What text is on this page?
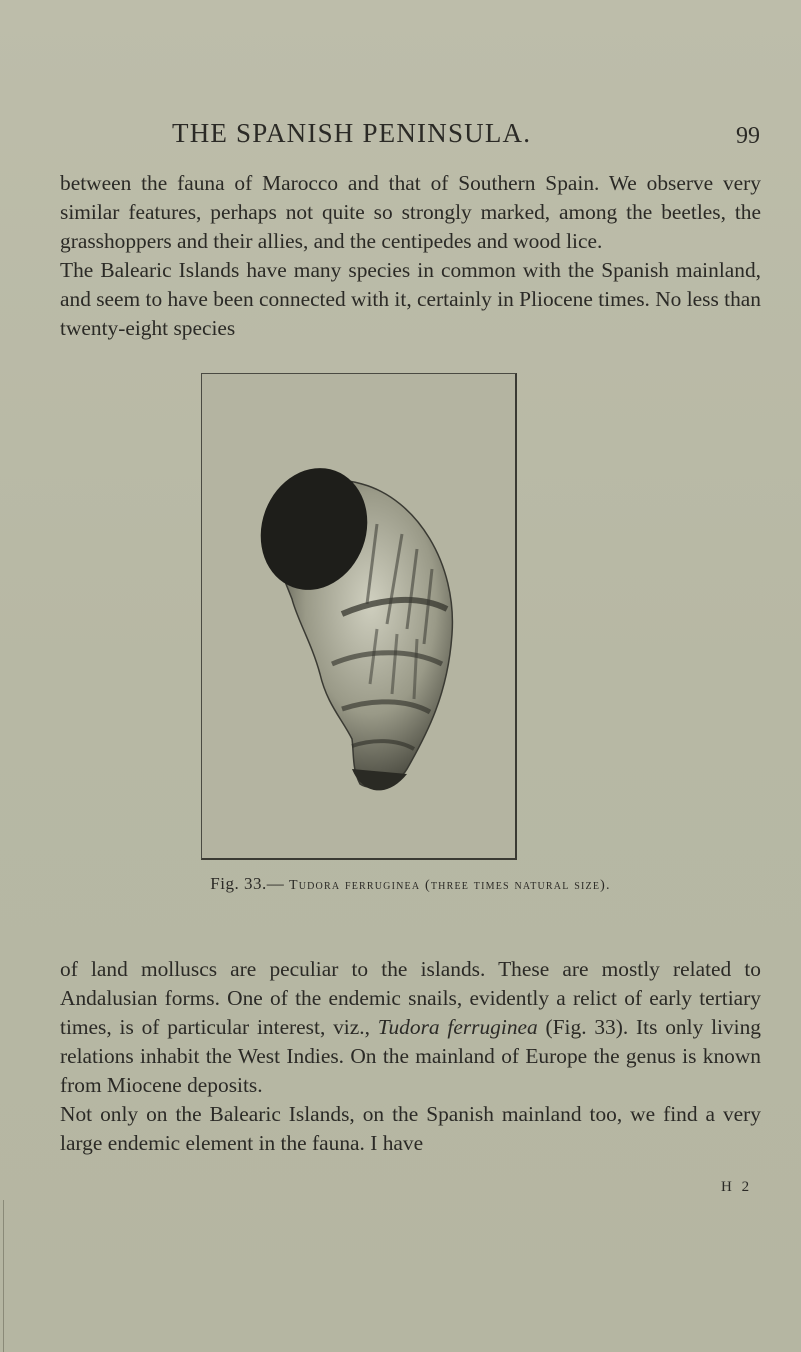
THE SPANISH PENINSULA.	99

between the fauna of Marocco and that of Southern Spain. We observe very similar features, perhaps not quite so strongly marked, among the beetles, the grasshoppers and their allies, and the centipedes and wood lice.

The Balearic Islands have many species in common with the Spanish mainland, and seem to have been connected with it, certainly in Pliocene times. No less than twenty-eight species

Fig. 33.— Tudora ferruginea (three times natural size).

of land molluscs are peculiar to the islands. These are mostly related to Andalusian forms. One of the endemic snails, evidently a relict of early tertiary times, is of particular interest, viz., Tudora ferruginea (Fig. 33). Its only living relations inhabit the West Indies. On the mainland of Europe the genus is known from Miocene deposits.

Not only on the Balearic Islands, on the Spanish mainland too, we find a very large endemic element in the fauna. I have

H 2
